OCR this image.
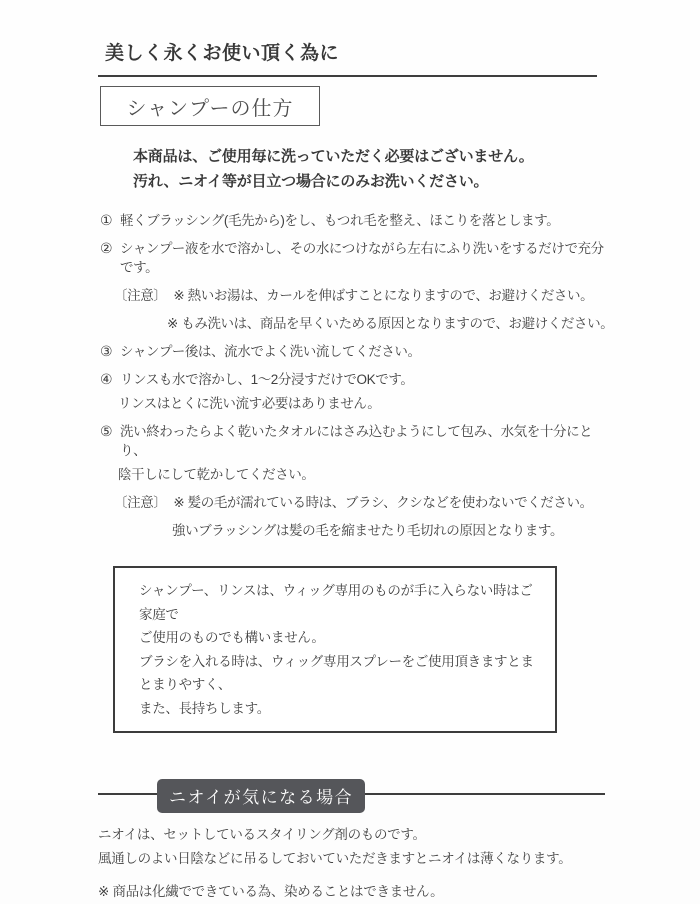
美しく永くお使い頂く為に
シャンプーの仕方

本商品は、ご使用毎に洗っていただく必要はございません。
汚れ、ニオイ等が目立つ場合にのみお洗いください。

① 軽くブラッシング(毛先から)をし、もつれ毛を整え、ほこりを落とします。
② シャンプー液を水で溶かし、その水につけながら左右にふり洗いをするだけで充分です。
〔注意〕 ※ 熱いお湯は、カールを伸ばすことになりますので、お避けください。
※ もみ洗いは、商品を早くいためる原因となりますので、お避けください。
③ シャンプー後は、流水でよく洗い流してください。
④ リンスも水で溶かし、1〜2分浸すだけでOKです。
リンスはとくに洗い流す必要はありません。
⑤ 洗い終わったらよく乾いたタオルにはさみ込むようにして包み、水気を十分にとり、
陰干しにして乾かしてください。
〔注意〕 ※ 髪の毛が濡れている時は、ブラシ、クシなどを使わないでください。
強いブラッシングは髪の毛を縮ませたり毛切れの原因となります。
シャンプー、リンスは、ウィッグ専用のものが手に入らない時はご家庭で
ご使用のものでも構いません。
ブラシを入れる時は、ウィッグ専用スプレーをご使用頂きますとまとまりやすく、
また、長持ちします。
ニオイが気になる場合

ニオイは、セットしているスタイリング剤のものです。
風通しのよい日陰などに吊るしておいていただきますとニオイは薄くなります。

※ 商品は化繊でできている為、染めることはできません。
